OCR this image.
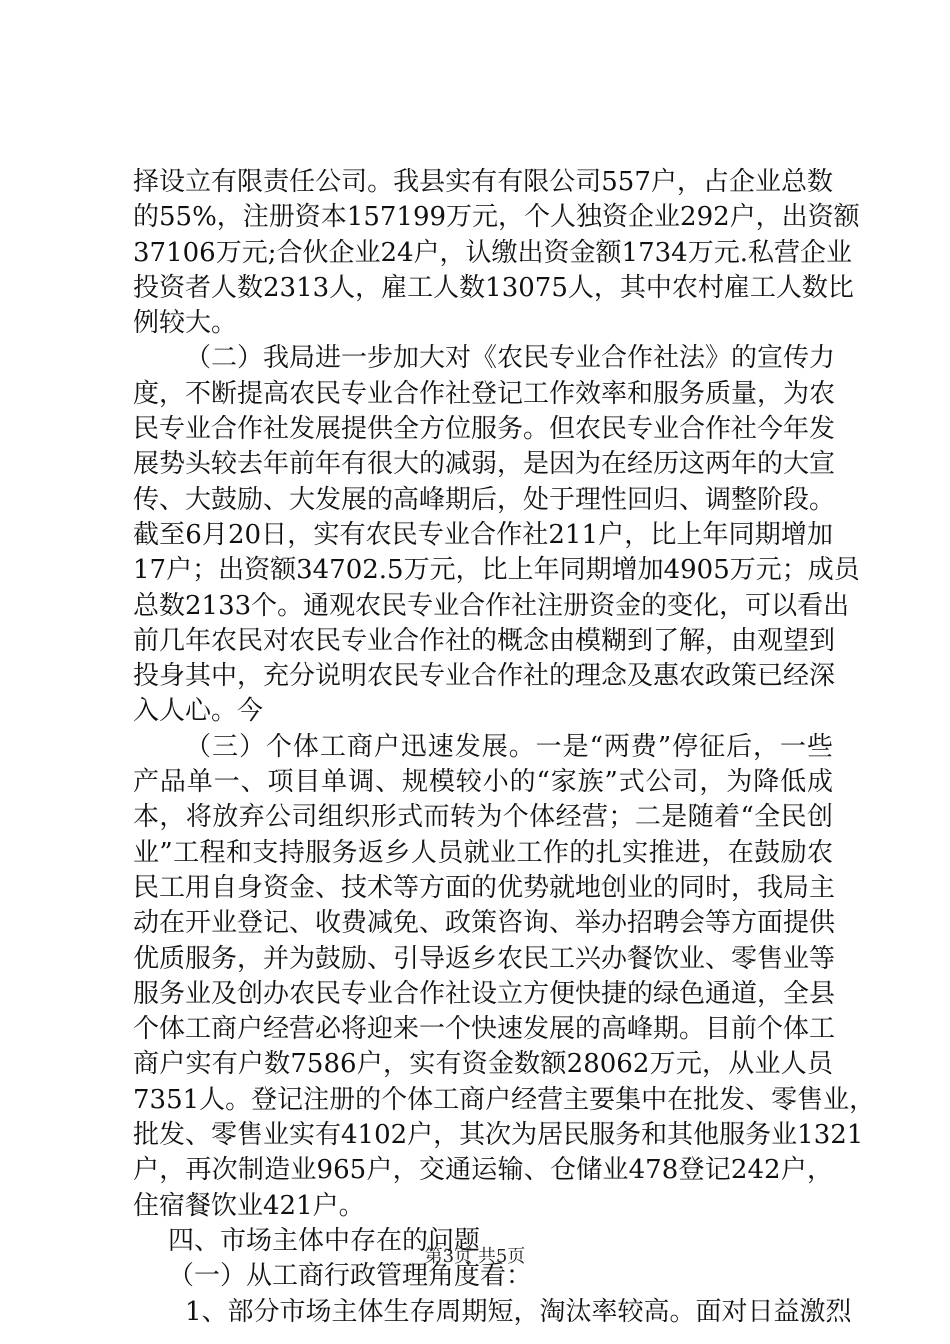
择设立有限责任公司。我县实有有限公司557户，占企业总数
的55%，注册资本157199万元，个人独资企业292户，出资额
37106万元;合伙企业24户，认缴出资金额1734万元.私营企业
投资者人数2313人，雇工人数13075人，其中农村雇工人数比
例较大。
（二）我局进一步加大对《农民专业合作社法》的宣传力
度，不断提高农民专业合作社登记工作效率和服务质量，为农
民专业合作社发展提供全方位服务。但农民专业合作社今年发
展势头较去年前年有很大的减弱，是因为在经历这两年的大宣
传、大鼓励、大发展的高峰期后，处于理性回归、调整阶段。
截至6月20日，实有农民专业合作社211户，比上年同期增加
17户；出资额34702.5万元，比上年同期增加4905万元；成员
总数2133个。通观农民专业合作社注册资金的变化，可以看出
前几年农民对农民专业合作社的概念由模糊到了解，由观望到
投身其中，充分说明农民专业合作社的理念及惠农政策已经深
入人心。今
（三）个体工商户迅速发展。一是“两费”停征后，一些
产品单一、项目单调、规模较小的“家族”式公司，为降低成
本，将放弃公司组织形式而转为个体经营；二是随着“全民创
业”工程和支持服务返乡人员就业工作的扎实推进，在鼓励农
民工用自身资金、技术等方面的优势就地创业的同时，我局主
动在开业登记、收费减免、政策咨询、举办招聘会等方面提供
优质服务，并为鼓励、引导返乡农民工兴办餐饮业、零售业等
服务业及创办农民专业合作社设立方便快捷的绿色通道，全县
个体工商户经营必将迎来一个快速发展的高峰期。目前个体工
商户实有户数7586户，实有资金数额28062万元，从业人员
7351人。登记注册的个体工商户经营主要集中在批发、零售业，
批发、零售业实有4102户，其次为居民服务和其他服务业1321
户，再次制造业965户，交通运输、仓储业478登记242户，
住宿餐饮业421户。
四、市场主体中存在的问题
（一）从工商行政管理角度看：
1、部分市场主体生存周期短，淘汰率较高。面对日益激烈
第3页 共5页
